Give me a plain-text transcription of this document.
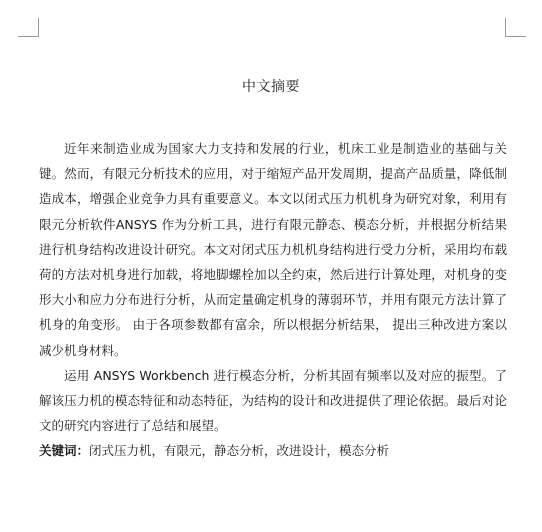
中文摘要

近年来制造业成为国家大力支持和发展的行业，机床工业是制造业的基础与关键。然而，有限元分析技术的应用，对于缩短产品开发周期，提高产品质量，降低制造成本，增强企业竞争力具有重要意义。本文以闭式压力机机身为研究对象，利用有限元分析软件ANSYS 作为分析工具，进行有限元静态、模态分析，并根据分析结果进行机身结构改进设计研究。本文对闭式压力机机身结构进行受力分析，采用均布载荷的方法对机身进行加载，将地脚螺栓加以全约束，然后进行计算处理，对机身的变形大小和应力分布进行分析，从而定量确定机身的薄弱环节，并用有限元方法计算了机身的角变形。 由于各项参数都有富余，所以根据分析结果， 提出三种改进方案以减少机身材料。

运用 ANSYS Workbench 进行模态分析，分析其固有频率以及对应的振型。了解该压力机的模态特征和动态特征，为结构的设计和改进提供了理论依据。最后对论文的研究内容进行了总结和展望。

关键词：闭式压力机，有限元，静态分析，改进设计，模态分析
